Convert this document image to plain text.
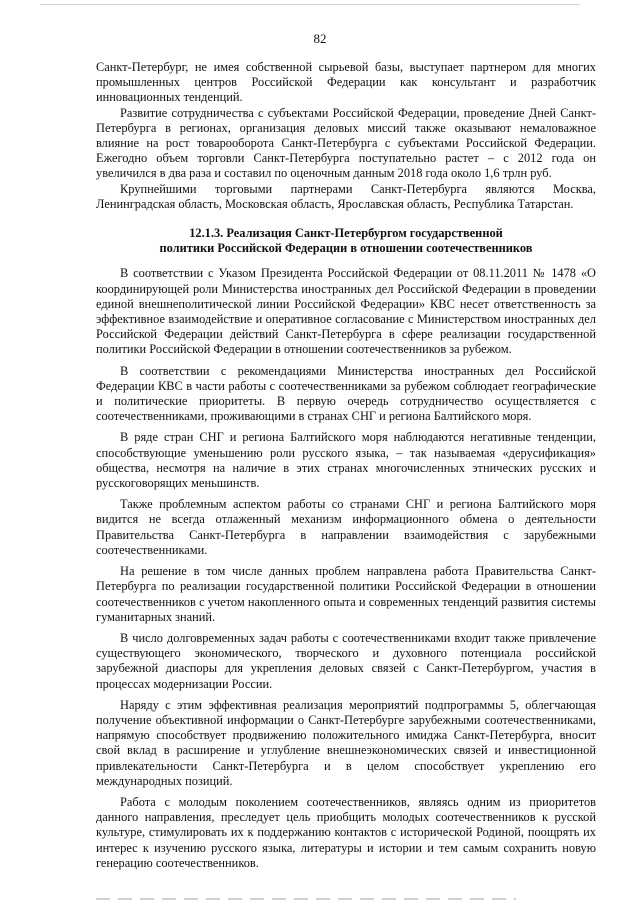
82

Санкт-Петербург, не имея собственной сырьевой базы, выступает партнером для многих промышленных центров Российской Федерации как консультант и разработчик инновационных тенденций.

Развитие сотрудничества с субъектами Российской Федерации, проведение Дней Санкт-Петербурга в регионах, организация деловых миссий также оказывают немаловажное влияние на рост товарооборота Санкт-Петербурга с субъектами Российской Федерации. Ежегодно объем торговли Санкт-Петербурга поступательно растет – с 2012 года он увеличился в два раза и составил по оценочным данным 2018 года около 1,6 трлн руб.

Крупнейшими торговыми партнерами Санкт-Петербурга являются Москва, Ленинградская область, Московская область, Ярославская область, Республика Татарстан.

12.1.3. Реализация Санкт-Петербургом государственной
политики Российской Федерации в отношении соотечественников

В соответствии с Указом Президента Российской Федерации от 08.11.2011 № 1478 «О координирующей роли Министерства иностранных дел Российской Федерации в проведении единой внешнеполитической линии Российской Федерации» КВС несет ответственность за эффективное взаимодействие и оперативное согласование с Министерством иностранных дел Российской Федерации действий Санкт-Петербурга в сфере реализации государственной политики Российской Федерации в отношении соотечественников за рубежом.

В соответствии с рекомендациями Министерства иностранных дел Российской Федерации КВС в части работы с соотечественниками за рубежом соблюдает географические и политические приоритеты. В первую очередь сотрудничество осуществляется с соотечественниками, проживающими в странах СНГ и региона Балтийского моря.

В ряде стран СНГ и региона Балтийского моря наблюдаются негативные тенденции, способствующие уменьшению роли русского языка, – так называемая «дерусификация» общества, несмотря на наличие в этих странах многочисленных этнических русских и русскоговорящих меньшинств.

Также проблемным аспектом работы со странами СНГ и региона Балтийского моря видится не всегда отлаженный механизм информационного обмена о деятельности Правительства Санкт-Петербурга в направлении взаимодействия с зарубежными соотечественниками.

На решение в том числе данных проблем направлена работа Правительства Санкт-Петербурга по реализации государственной политики Российской Федерации в отношении соотечественников с учетом накопленного опыта и современных тенденций развития системы гуманитарных знаний.

В число долговременных задач работы с соотечественниками входит также привлечение существующего экономического, творческого и духовного потенциала российской зарубежной диаспоры для укрепления деловых связей с Санкт-Петербургом, участия в процессах модернизации России.

Наряду с этим эффективная реализация мероприятий подпрограммы 5, облегчающая получение объективной информации о Санкт-Петербурге зарубежными соотечественниками, напрямую способствует продвижению положительного имиджа Санкт-Петербурга, вносит свой вклад в расширение и углубление внешнеэкономических связей и инвестиционной привлекательности Санкт-Петербурга и в целом способствует укреплению его международных позиций.

Работа с молодым поколением соотечественников, являясь одним из приоритетов данного направления, преследует цель приобщить молодых соотечественников к русской культуре, стимулировать их к поддержанию контактов с исторической Родиной, поощрять их интерес к изучению русского языка, литературы и истории и тем самым сохранить новую генерацию соотечественников.
